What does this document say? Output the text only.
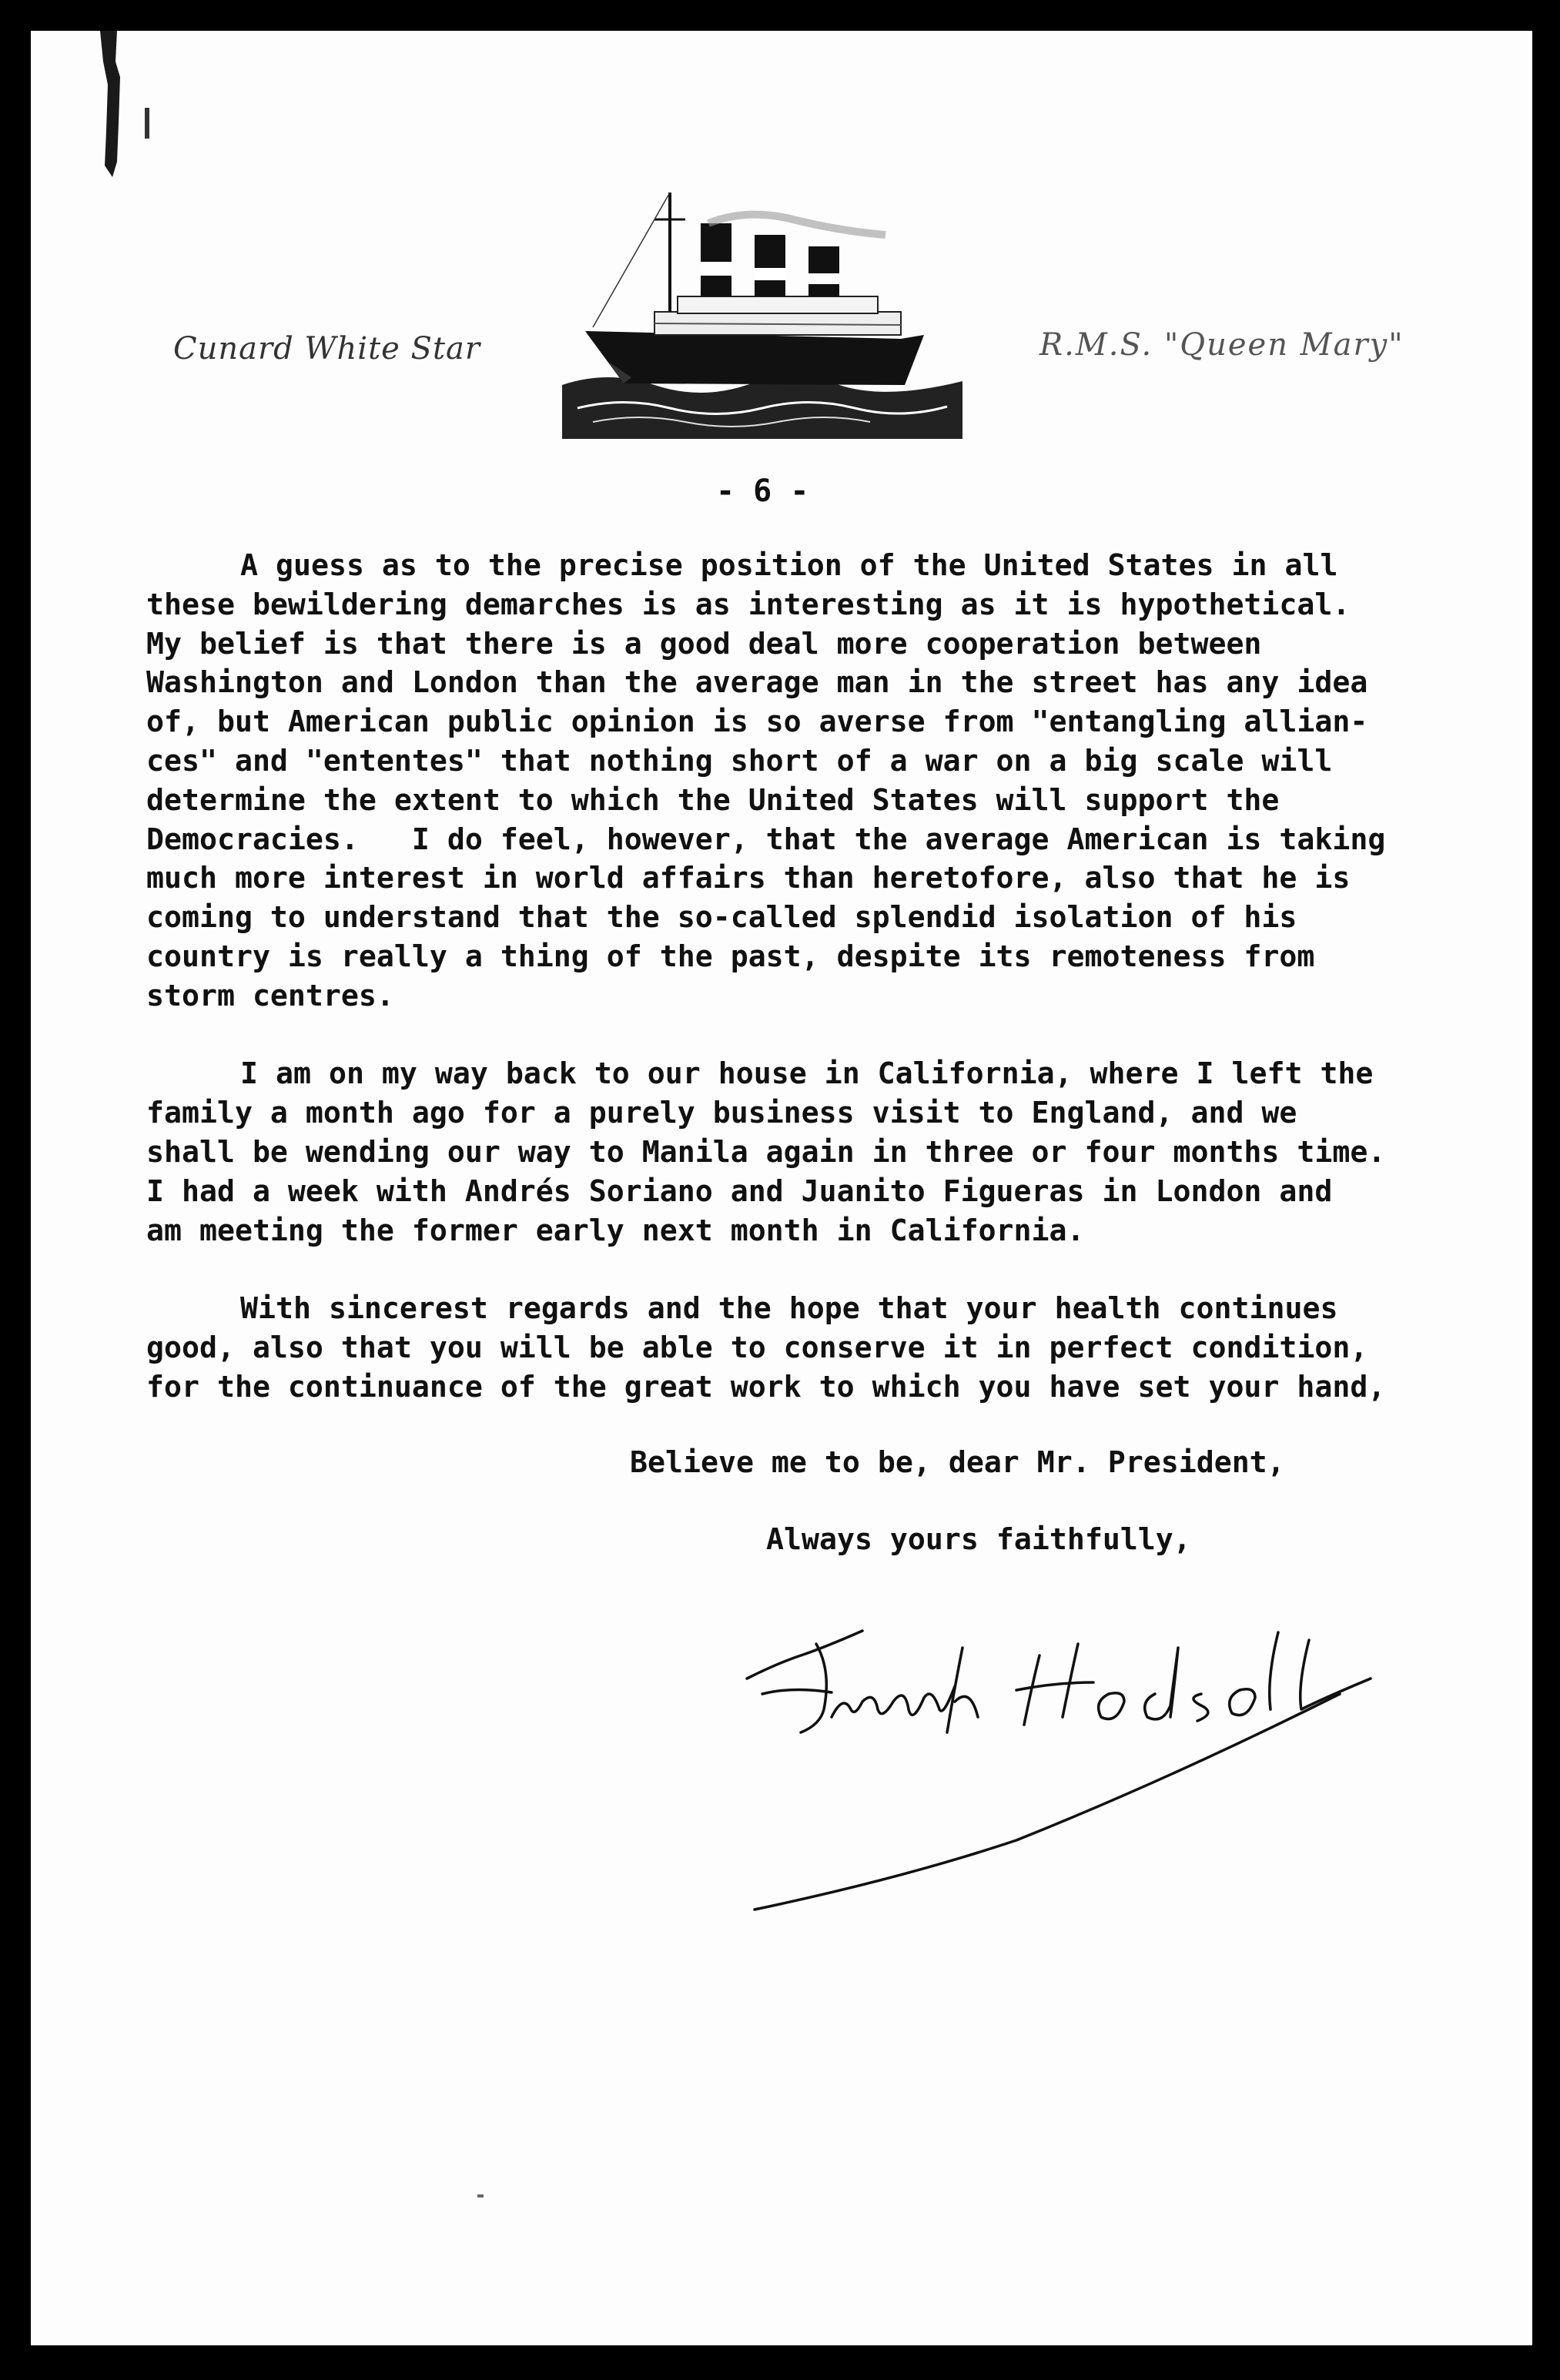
Cunard White Star	R.M.S. "Queen Mary"
- 6 -

A guess as to the precise position of the United States in all
these bewildering demarches is as interesting as it is hypothetical.
My belief is that there is a good deal more cooperation between
Washington and London than the average man in the street has any idea
of, but American public opinion is so averse from "entangling allian-
ces" and "ententes" that nothing short of a war on a big scale will
determine the extent to which the United States will support the
Democracies.   I do feel, however, that the average American is taking
much more interest in world affairs than heretofore, also that he is
coming to understand that the so-called splendid isolation of his
country is really a thing of the past, despite its remoteness from
storm centres.

I am on my way back to our house in California, where I left the
family a month ago for a purely business visit to England, and we
shall be wending our way to Manila again in three or four months time.
I had a week with Andrés Soriano and Juanito Figueras in London and
am meeting the former early next month in California.

With sincerest regards and the hope that your health continues
good, also that you will be able to conserve it in perfect condition,
for the continuance of the great work to which you have set your hand,

Believe me to be, dear Mr. President,
Always yours faithfully,
